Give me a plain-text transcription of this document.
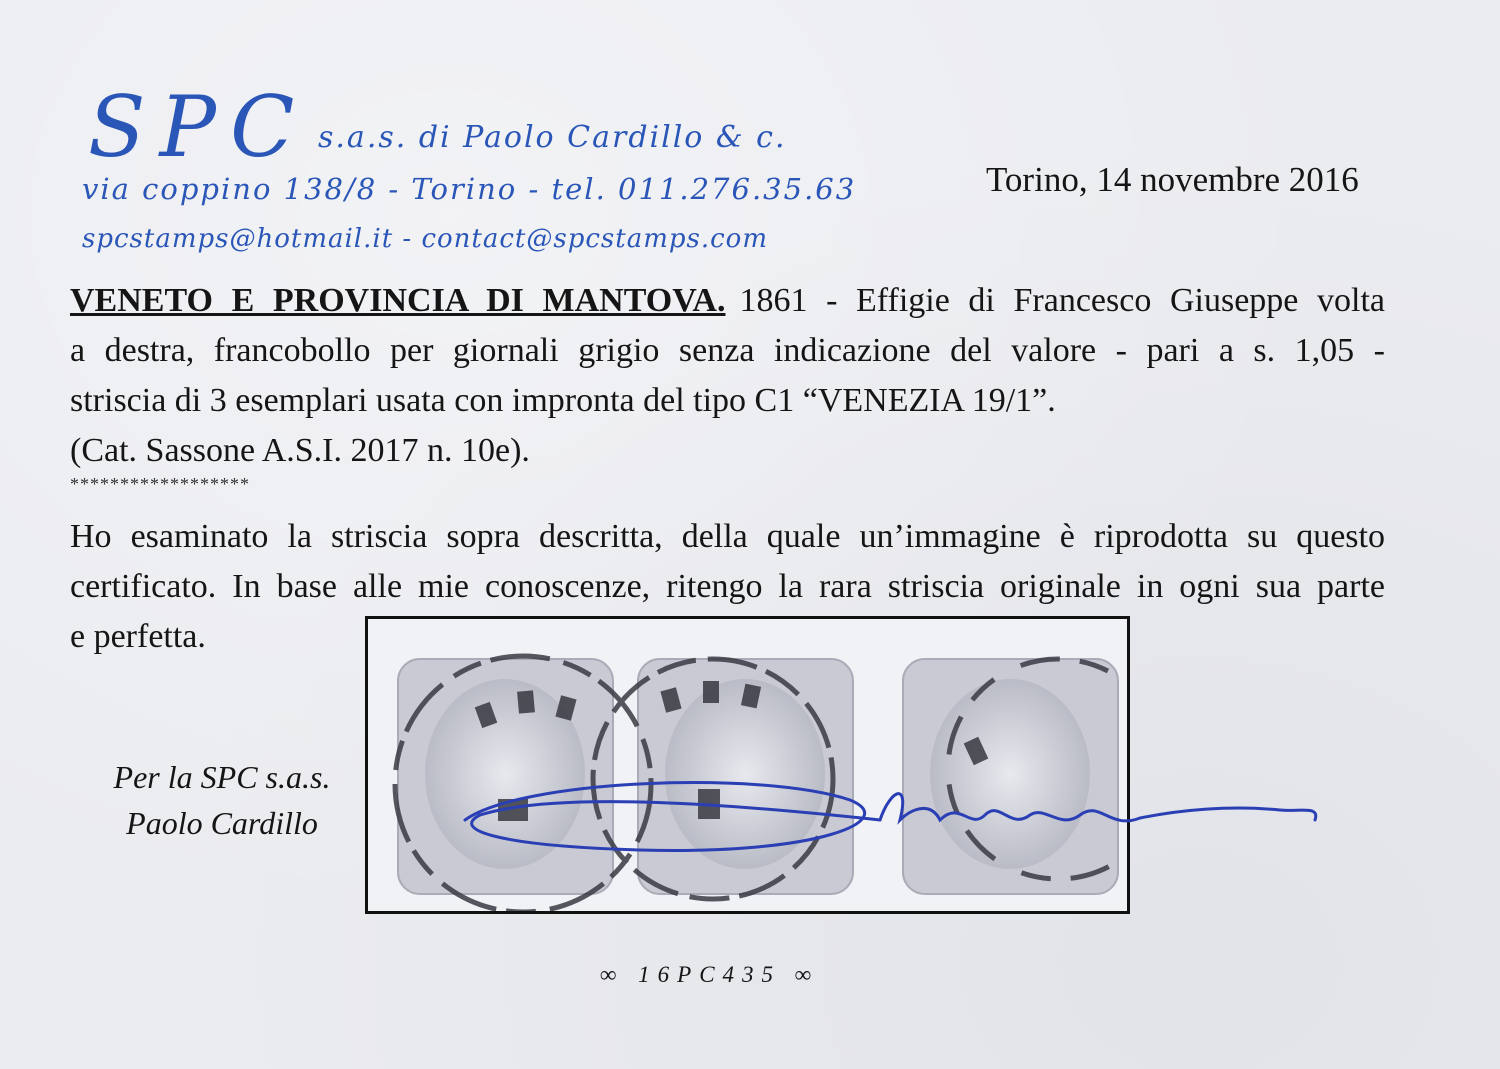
SPC s.a.s. di Paolo Cardillo & c.
via coppino 138/8 - Torino - tel. 011.276.35.63
spcstamps@hotmail.it - contact@spcstamps.com
Torino, 14 novembre 2016
VENETO E PROVINCIA DI MANTOVA. 1861 - Effigie di Francesco Giuseppe volta
a destra, francobollo per giornali grigio senza indicazione del valore - pari a s. 1,05 -
striscia di 3 esemplari usata con impronta del tipo C1 “VENEZIA 19/1”.
(Cat. Sassone A.S.I. 2017 n. 10e).
******************
Ho esaminato la striscia sopra descritta, della quale un’immagine è riprodotta su questo
certificato. In base alle mie conoscenze, ritengo la rara striscia originale in ogni sua parte
e perfetta.
Per la SPC s.a.s.
Paolo Cardillo
∞ 16PC435 ∞
